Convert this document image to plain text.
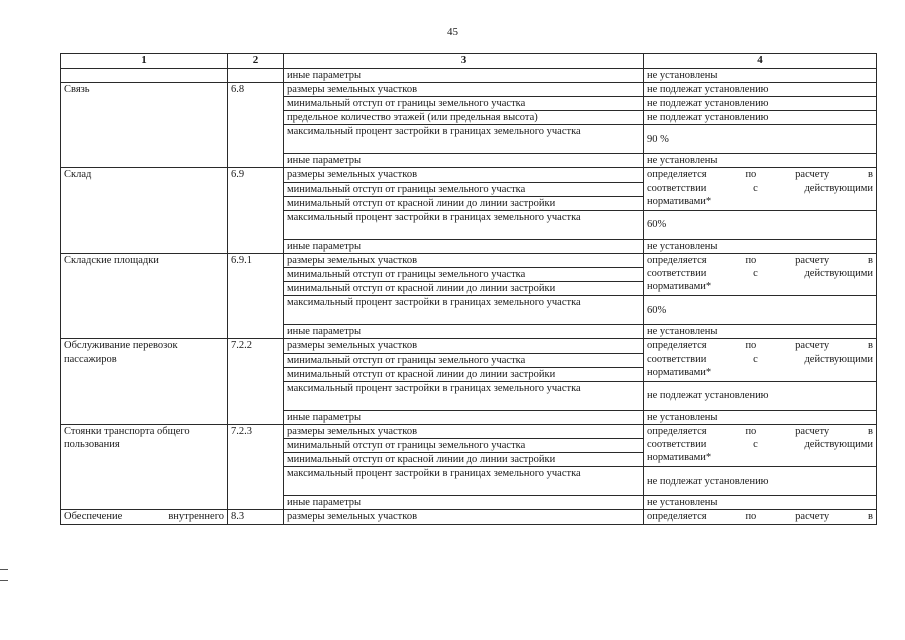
45
1	2	3	4
		иные параметры	не установлены
Связь	6.8	размеры земельных участков	не подлежат установлению
		минимальный отступ от границы земельного участка	не подлежат установлению
		предельное количество этажей (или предельная высота)	не подлежат установлению
		максимальный процент застройки в границах земельного участка	90 %
		иные параметры	не установлены
Склад	6.9	размеры земельных участков	определяется по расчету в
соответствии с действующими
нормативами*
		минимальный отступ от границы земельного участка	
		минимальный отступ от красной линии до линии застройки	
		максимальный процент застройки в границах земельного участка	60%
		иные параметры	не установлены
Складские площадки	6.9.1	размеры земельных участков	определяется по расчету в
соответствии с действующими
нормативами*
		минимальный отступ от границы земельного участка	
		минимальный отступ от красной линии до линии застройки	
		максимальный процент застройки в границах земельного участка	60%
		иные параметры	не установлены
Обслуживание перевозок пассажиров	7.2.2	размеры земельных участков	определяется по расчету в
соответствии с действующими
нормативами*
		минимальный отступ от границы земельного участка	
		минимальный отступ от красной линии до линии застройки	
		максимальный процент застройки в границах земельного участка	не подлежат установлению
		иные параметры	не установлены
Стоянки транспорта общего пользования	7.2.3	размеры земельных участков	определяется по расчету в
соответствии с действующими
нормативами*
		минимальный отступ от границы земельного участка	
		минимальный отступ от красной линии до линии застройки	
		максимальный процент застройки в границах земельного участка	не подлежат установлению
		иные параметры	не установлены

Обеспечение внутреннего	8.3	размеры земельных участков	определяется по расчету в
